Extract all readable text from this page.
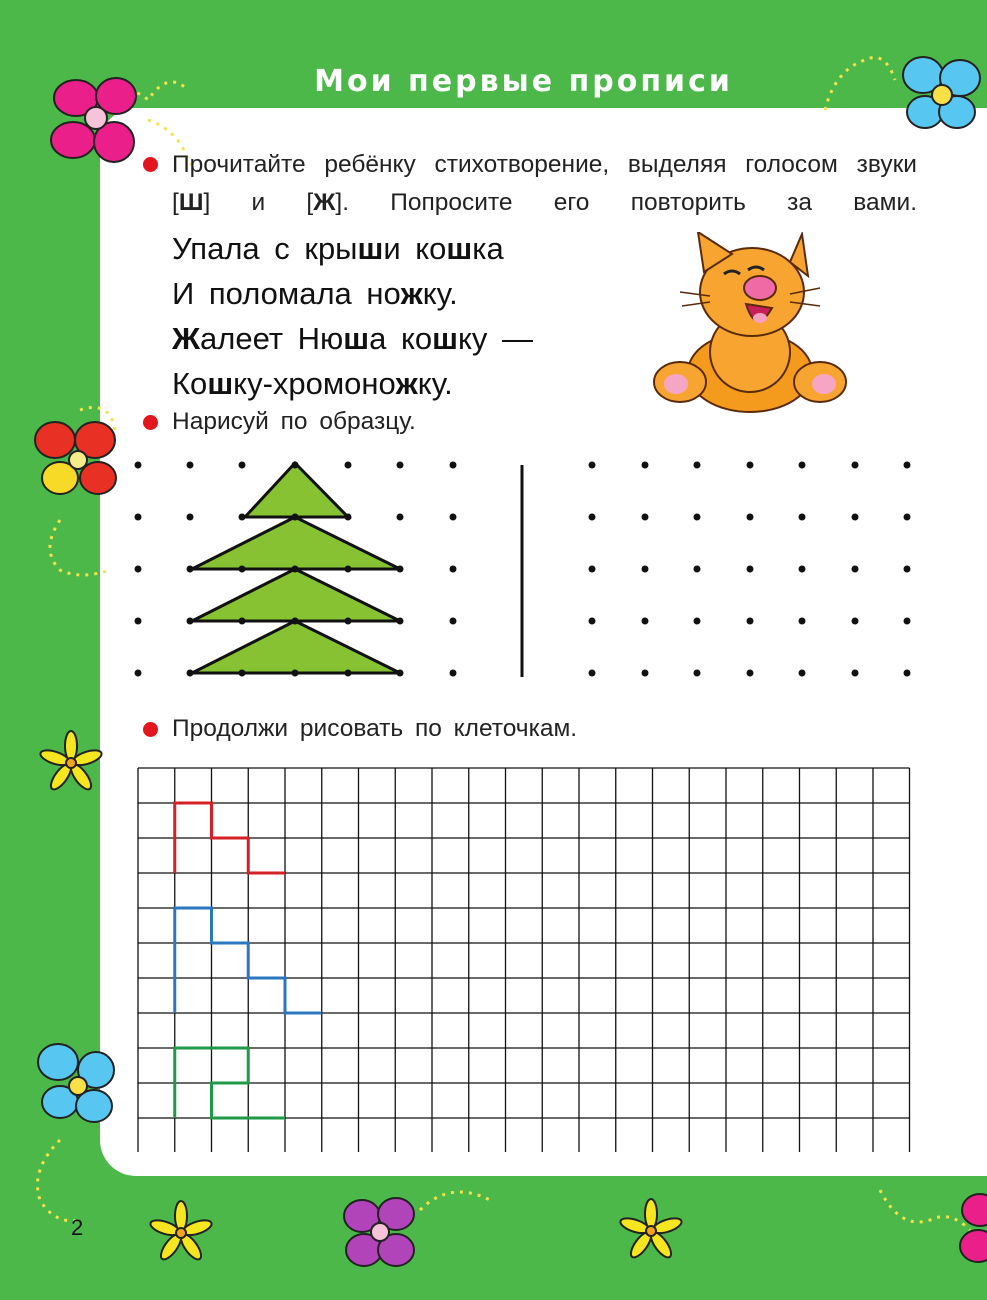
Мои первые прописи
Прочитайте ребёнку стихотворение, выделяя голосом звуки [Ш] и [Ж]. Попросите его повторить за вами.
Упала с крыши кошка
И поломала ножку.
Жалеет Нюша кошку —
Кошку-хромоножку.
Нарисуй по образцу.
Продолжи рисовать по клеточкам.
2
